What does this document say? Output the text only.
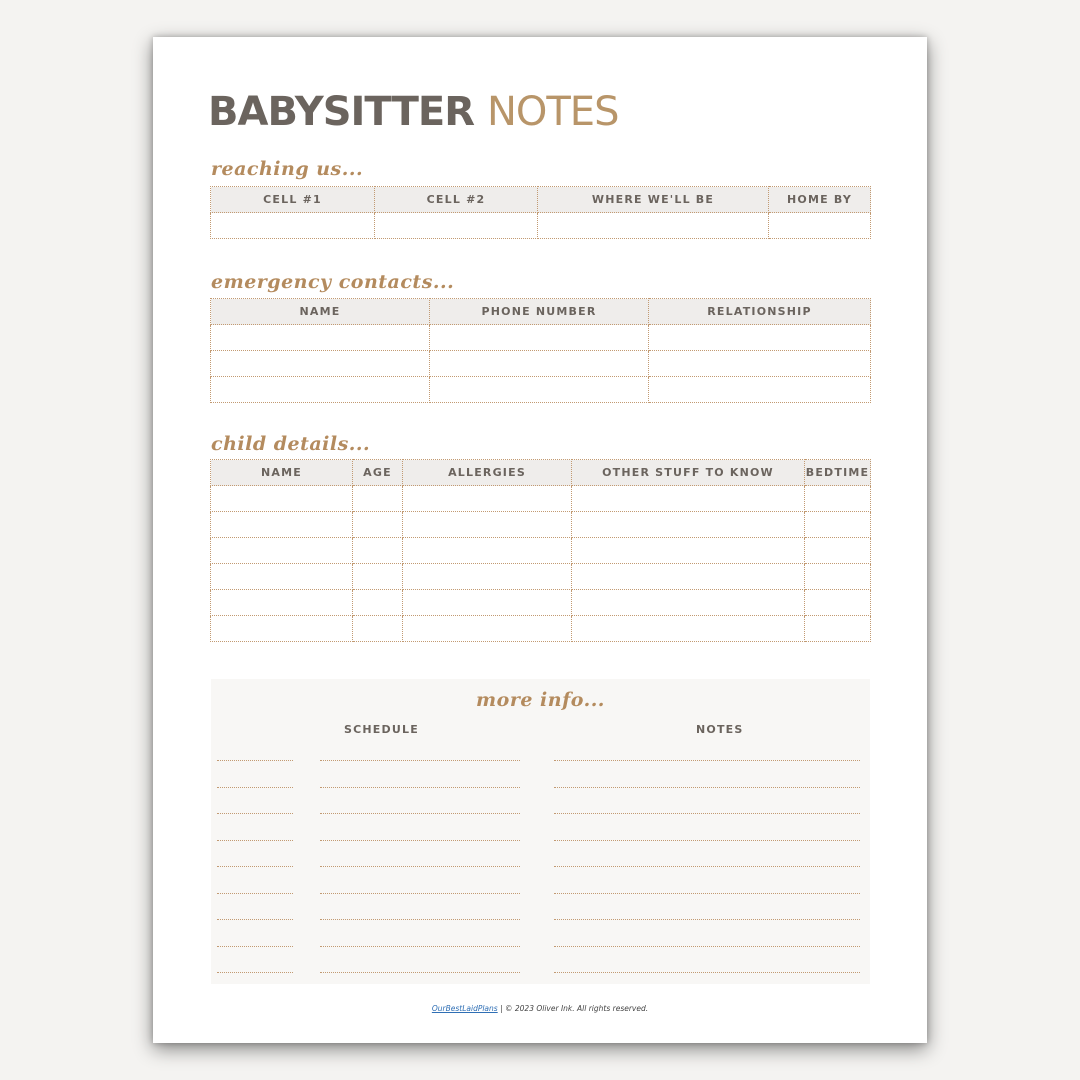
BABYSITTER NOTES
reaching us...
CELL #1	CELL #2	WHERE WE'LL BE	HOME BY

emergency contacts...
NAME	PHONE NUMBER	RELATIONSHIP

child details...
NAME	AGE	ALLERGIES	OTHER STUFF TO KNOW	BEDTIME

more info...
SCHEDULE	NOTES
OurBestLaidPlans | © 2023 Oliver Ink. All rights reserved.
